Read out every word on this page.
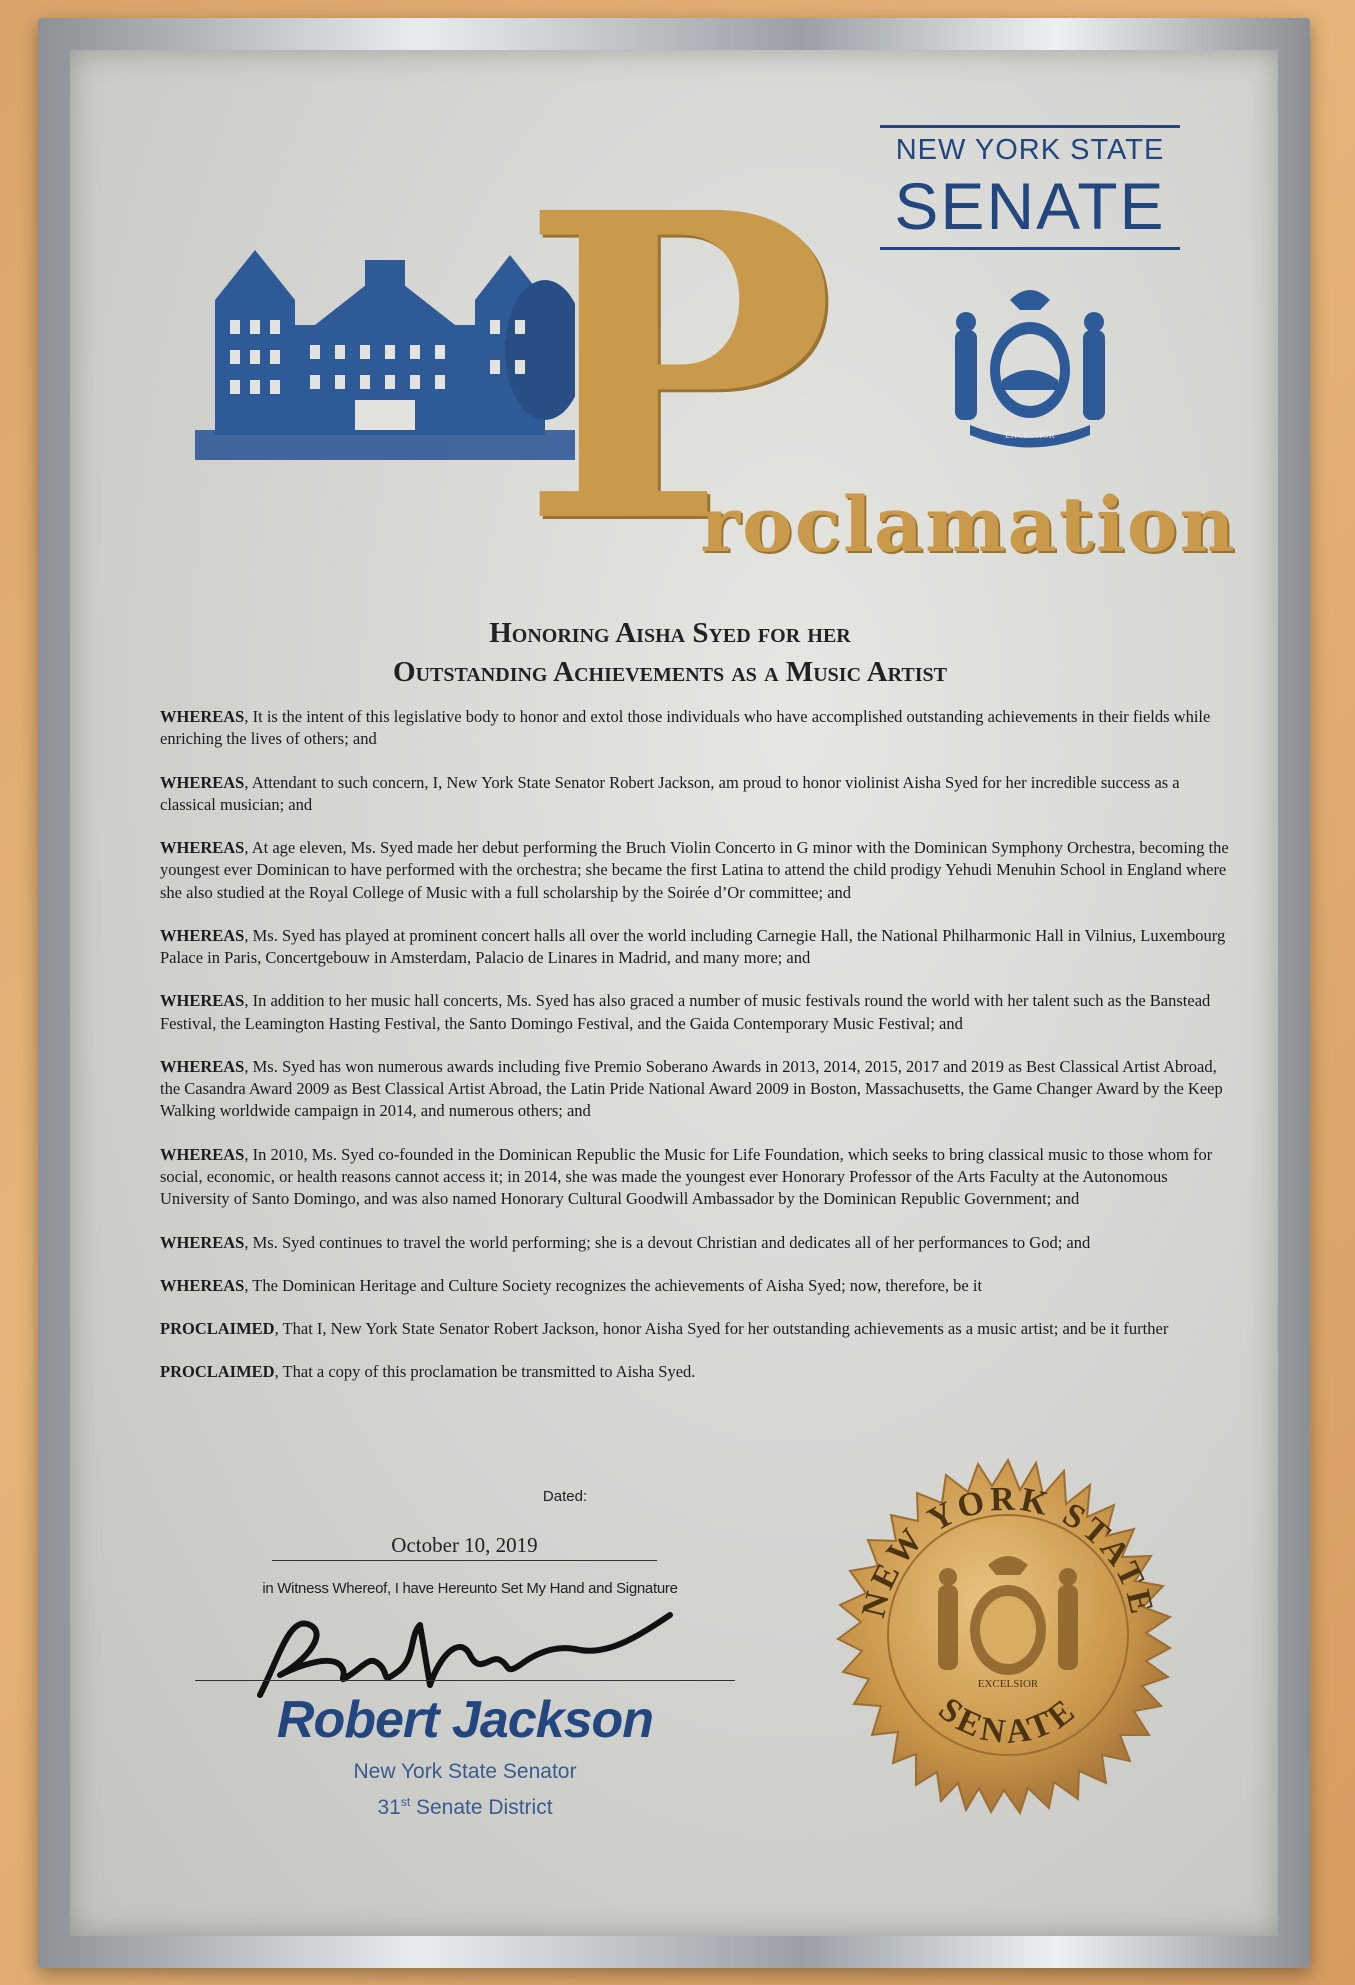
P
roclamation
NEW YORK STATE
SENATE
EXCELSIOR
Honoring Aisha Syed for her
Outstanding Achievements as a Music Artist

WHEREAS, It is the intent of this legislative body to honor and extol those individuals who have accomplished outstanding achievements in their fields while enriching the lives of others; and

WHEREAS, Attendant to such concern, I, New York State Senator Robert Jackson, am proud to honor violinist Aisha Syed for her incredible success as a classical musician; and

WHEREAS, At age eleven, Ms. Syed made her debut performing the Bruch Violin Concerto in G minor with the Dominican Symphony Orchestra, becoming the youngest ever Dominican to have performed with the orchestra; she became the first Latina to attend the child prodigy Yehudi Menuhin School in England where she also studied at the Royal College of Music with a full scholarship by the Soirée d’Or committee; and

WHEREAS, Ms. Syed has played at prominent concert halls all over the world including Carnegie Hall, the National Philharmonic Hall in Vilnius, Luxembourg Palace in Paris, Concertgebouw in Amsterdam, Palacio de Linares in Madrid, and many more; and

WHEREAS, In addition to her music hall concerts, Ms. Syed has also graced a number of music festivals round the world with her talent such as the Banstead Festival, the Leamington Hasting Festival, the Santo Domingo Festival, and the Gaida Contemporary Music Festival; and

WHEREAS, Ms. Syed has won numerous awards including five Premio Soberano Awards in 2013, 2014, 2015, 2017 and 2019 as Best Classical Artist Abroad, the Casandra Award 2009 as Best Classical Artist Abroad, the Latin Pride National Award 2009 in Boston, Massachusetts, the Game Changer Award by the Keep Walking worldwide campaign in 2014, and numerous others; and

WHEREAS, In 2010, Ms. Syed co-founded in the Dominican Republic the Music for Life Foundation, which seeks to bring classical music to those whom for social, economic, or health reasons cannot access it; in 2014, she was made the youngest ever Honorary Professor of the Arts Faculty at the Autonomous University of Santo Domingo, and was also named Honorary Cultural Goodwill Ambassador by the Dominican Republic Government; and

WHEREAS, Ms. Syed continues to travel the world performing; she is a devout Christian and dedicates all of her performances to God; and

WHEREAS, The Dominican Heritage and Culture Society recognizes the achievements of Aisha Syed; now, therefore, be it

PROCLAIMED, That I, New York State Senator Robert Jackson, honor Aisha Syed for her outstanding achievements as a music artist; and be it further

PROCLAIMED, That a copy of this proclamation be transmitted to Aisha Syed.

Dated:
October 10, 2019
in Witness Whereof, I have Hereunto Set My Hand and Signature
Robert Jackson
New York State Senator
31st Senate District
NEW YORK STATE
SENATE
EXCELSIOR
